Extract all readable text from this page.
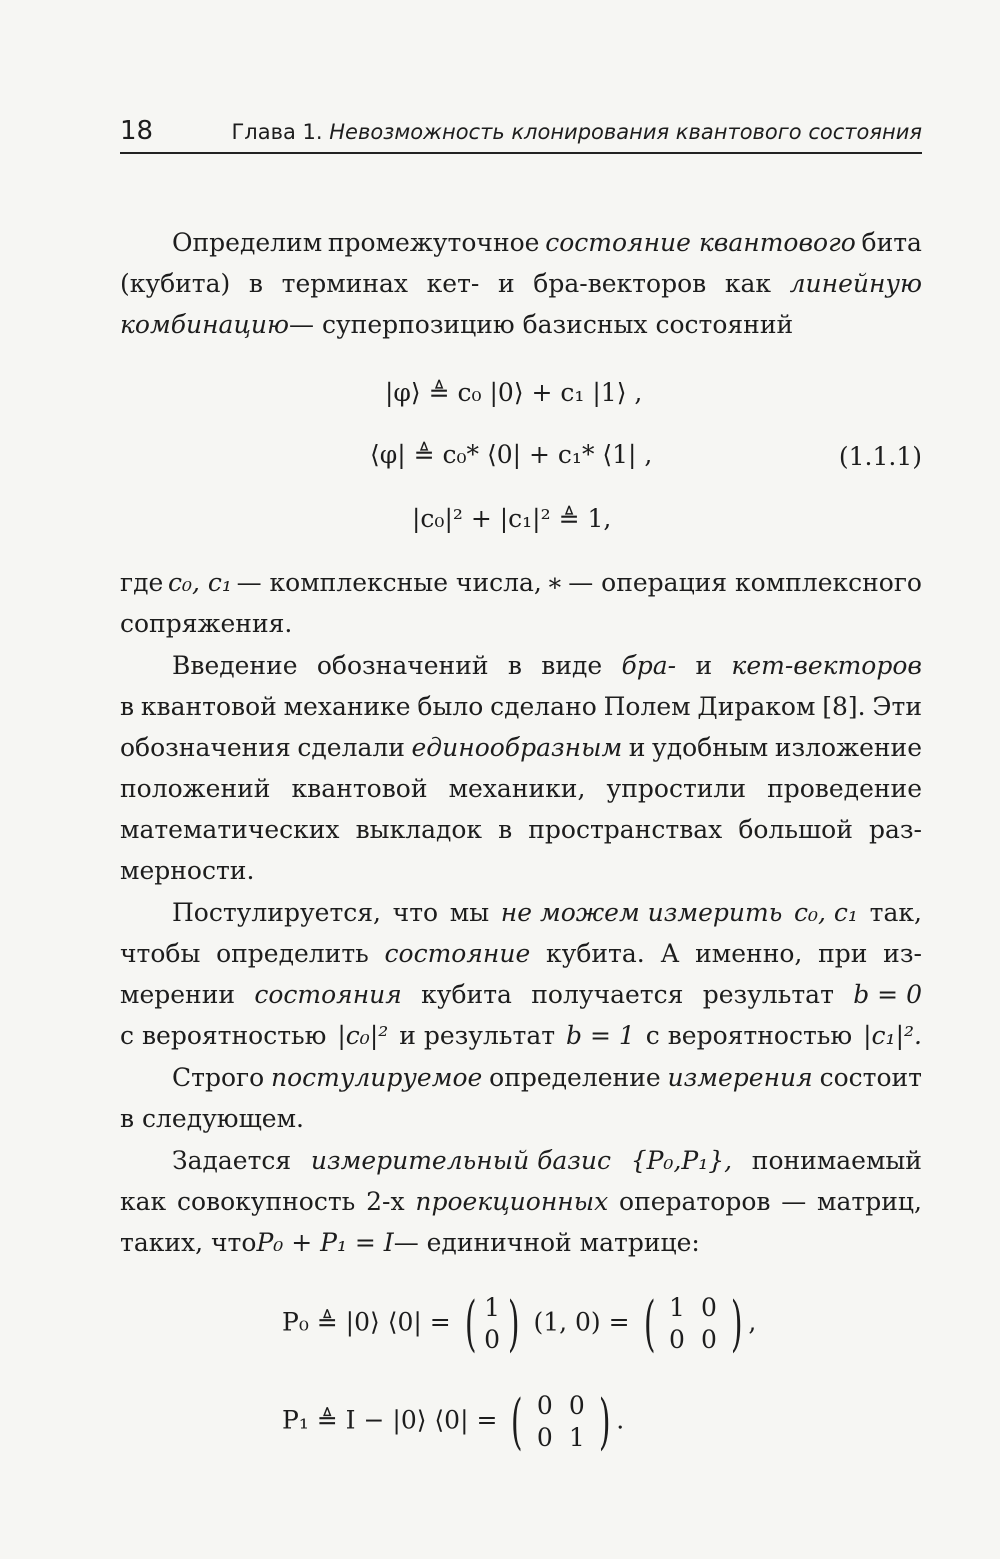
18	Глава 1. Невозможность клонирования квантового состояния
Определим промежуточное состояние квантового бита
(кубита) в терминах кет- и бра-векторов как линейную
комбинацию — суперпозицию базисных состояний
|φ⟩ ≜ c₀ |0⟩ + c₁ |1⟩ ,
⟨φ| ≜ c₀* ⟨0| + c₁* ⟨1| ,	(1.1.1)
|c₀|² + |c₁|² ≜ 1,
где c₀, c₁ — комплексные числа, ∗ — операция комплексного
сопряжения.
Введение обозначений в виде бра- и кет-векторов
в квантовой механике было сделано Полем Дираком [8]. Эти
обозначения сделали единообразным и удобным изложение
положений квантовой механики, упростили проведение
математических выкладок в пространствах большой раз-
мерности.
Постулируется, что мы не можем измерить c₀, c₁ так,
чтобы определить состояние кубита. А именно, при из-
мерении состояния кубита получается результат b = 0
с вероятностью |c₀|² и результат b = 1 с вероятностью |c₁|².
Строго постулируемое определение измерения состоит
в следующем.
Задается измерительный базис {P₀,P₁}, понимаемый
как совокупность 2-х проекционных операторов — матриц,
таких, что P₀ + P₁ = I — единичной матрице:
P₀ ≜ |0⟩ ⟨0| = ( 1
0 ) (1, 0) = ( 1 0
0 0 ) ,
P₁ ≜ I − |0⟩ ⟨0| = ( 0 0
0 1 ) .
